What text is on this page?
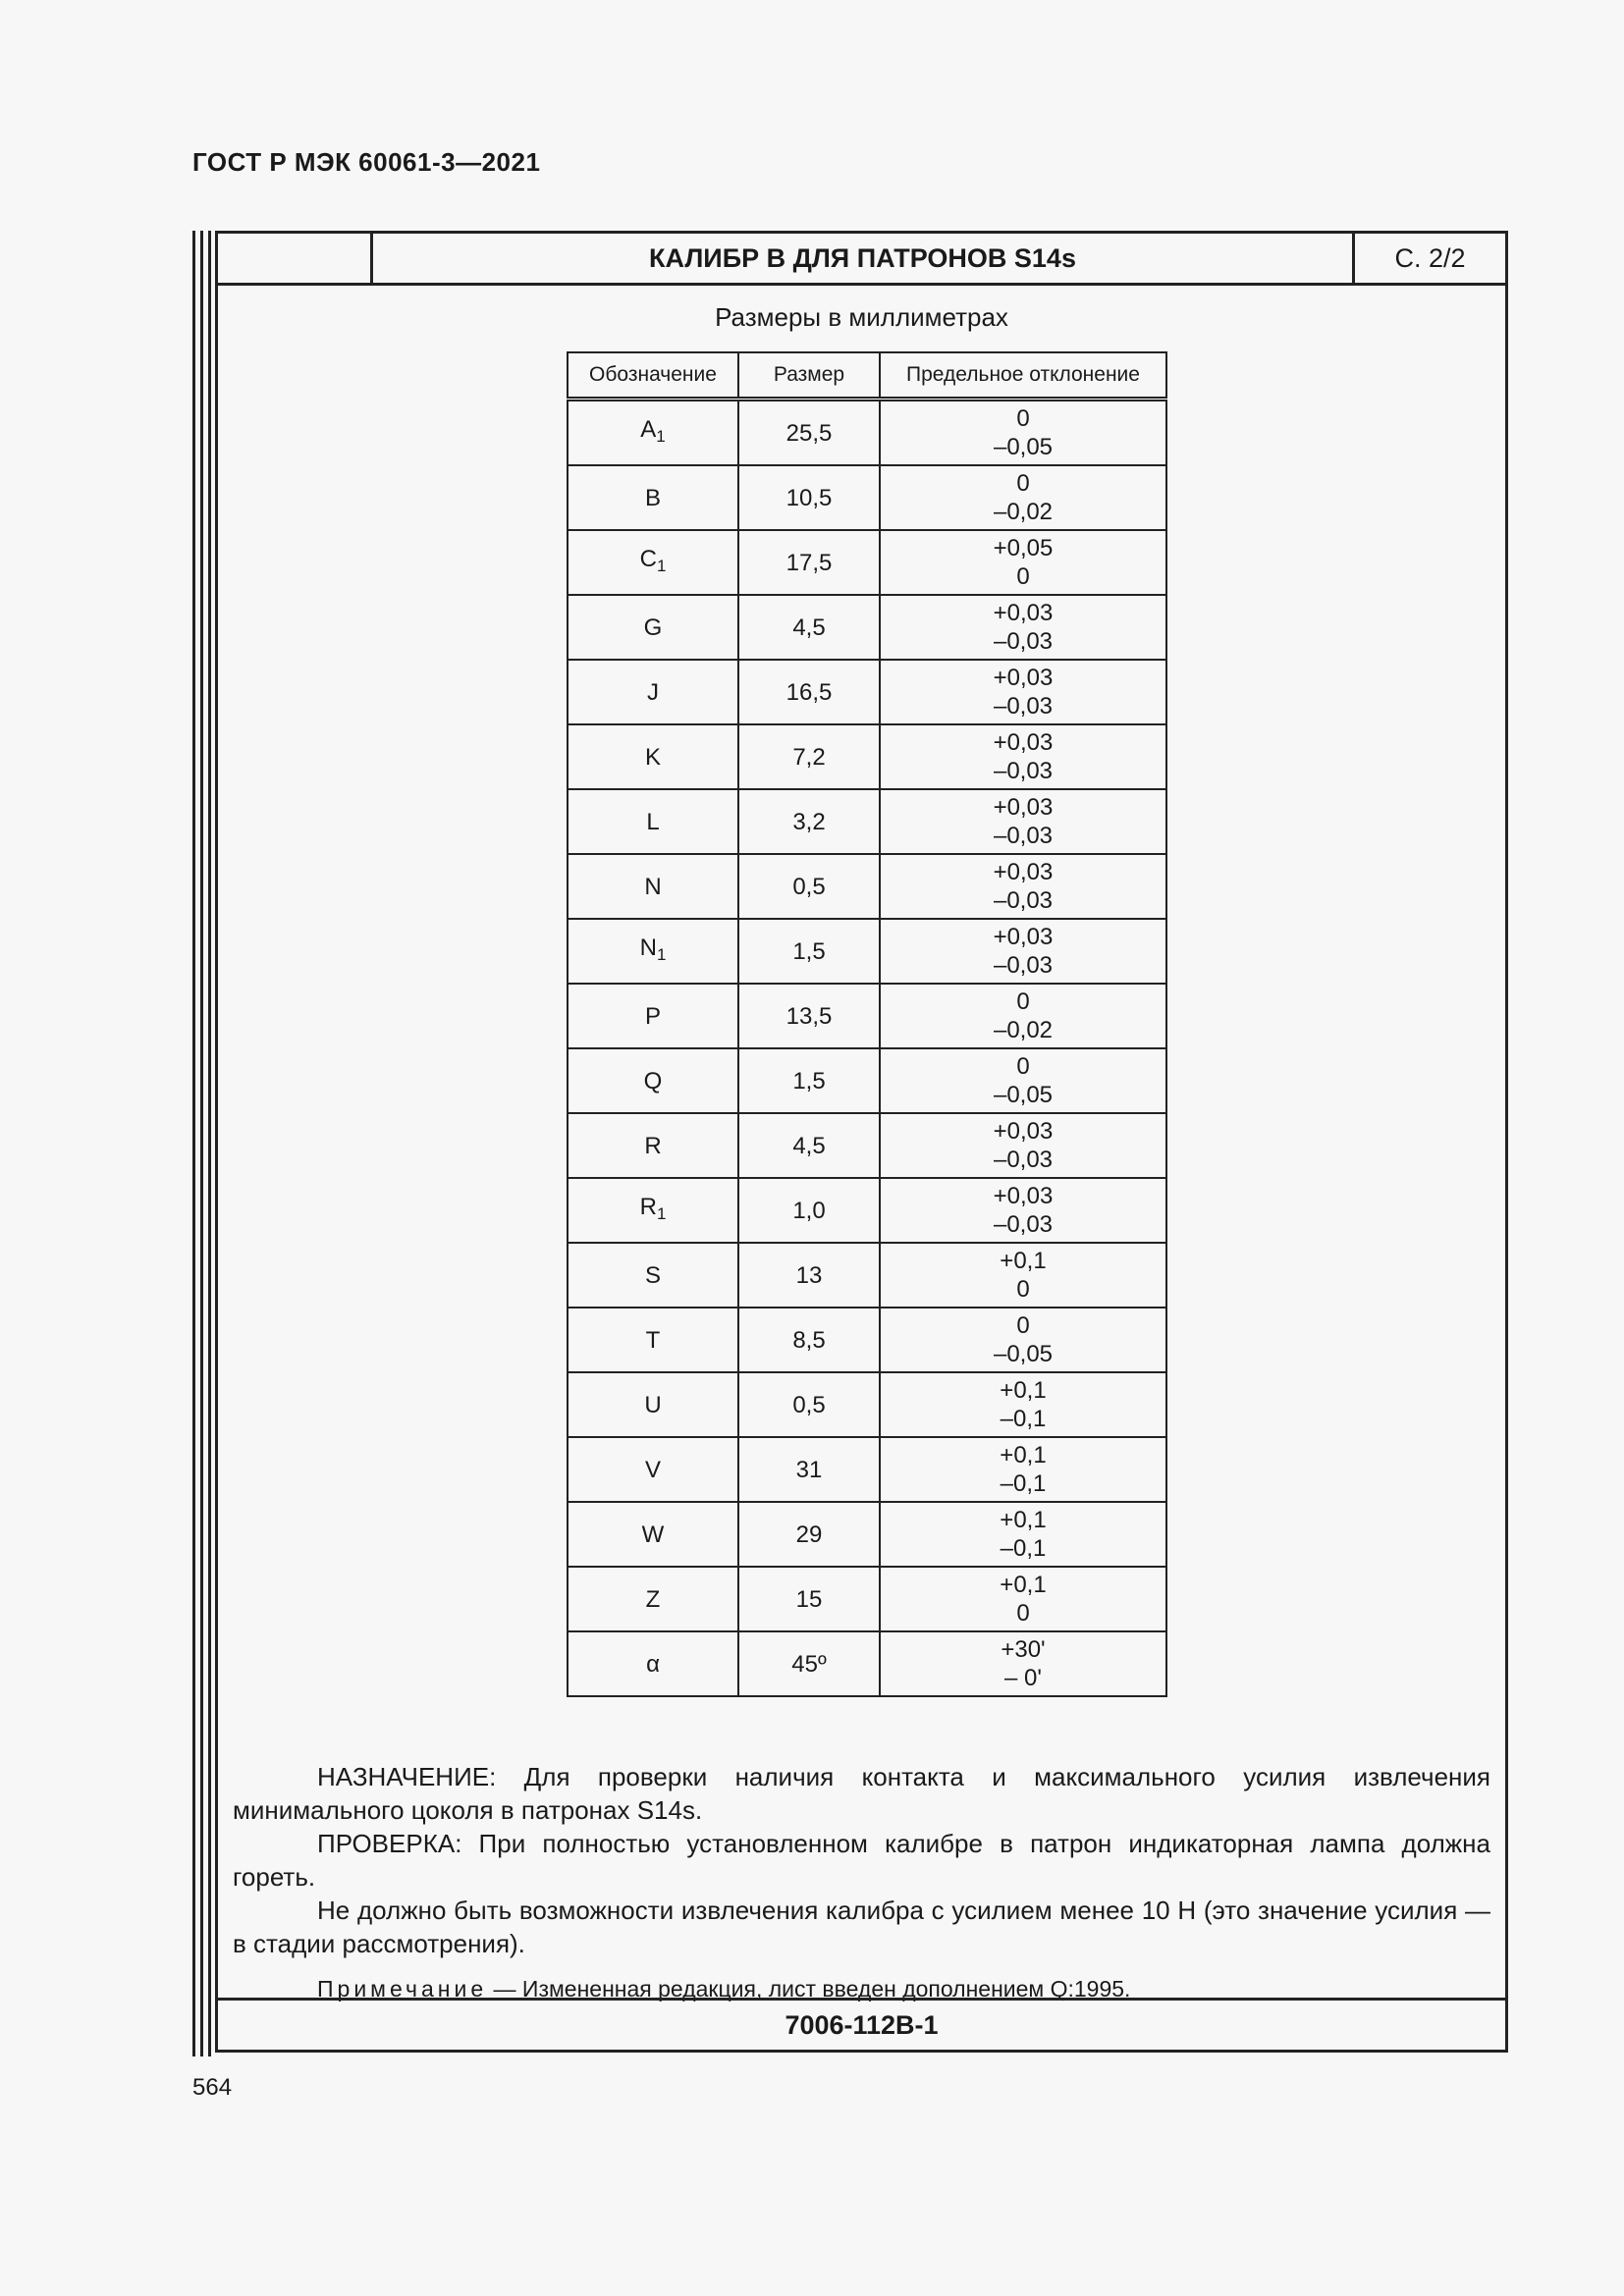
ГОСТ Р МЭК 60061-3—2021
КАЛИБР B ДЛЯ ПАТРОНОВ S14s	С. 2/2
Размеры в миллиметрах
Обозначение	Размер	Предельное отклонение
$A_1$	25,5	0
–0,05

B	10,5	0
–0,02

$C_1$	17,5	+0,05
0

G	4,5	+0,03
–0,03

J	16,5	+0,03
–0,03

K	7,2	+0,03
–0,03

L	3,2	+0,03
–0,03

N	0,5	+0,03
–0,03

$N_1$	1,5	+0,03
–0,03

P	13,5	0
–0,02

Q	1,5	0
–0,05

R	4,5	+0,03
–0,03

$R_1$	1,0	+0,03
–0,03

S	13	+0,1
0

T	8,5	0
–0,05

U	0,5	+0,1
–0,1

V	31	+0,1
–0,1

W	29	+0,1
–0,1

Z	15	+0,1
0

α	45º	+30'
– 0'

НАЗНАЧЕНИЕ: Для проверки наличия контакта и максимального усилия извлечения минимального цоколя в патронах S14s.

ПРОВЕРКА: При полностью установленном калибре в патрон индикаторная лампа должна гореть.

Не должно быть возможности извлечения калибра с усилием менее 10 Н (это значение усилия — в стадии рассмотрения).

Примечание — Измененная редакция, лист введен дополнением Q:1995.

7006-112B-1
564
